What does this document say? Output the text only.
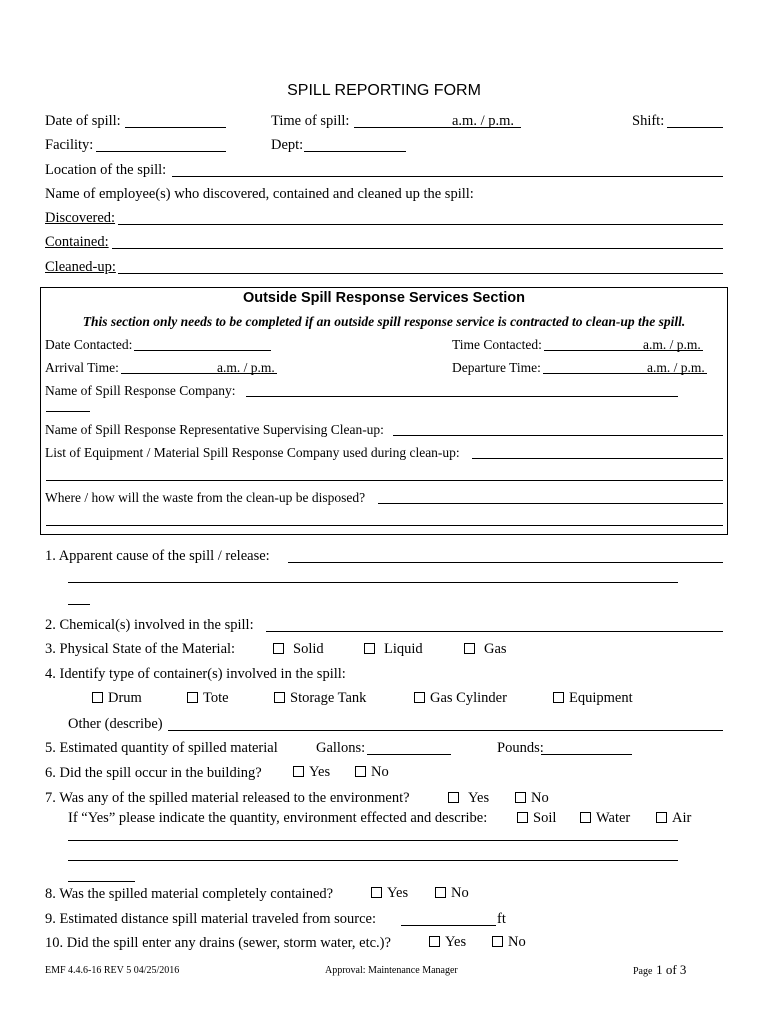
SPILL REPORTING FORM
Date of spill:	Time of spill:	a.m. / p.m.	Shift:
Facility:	Dept:
Location of the spill:
Name of employee(s) who discovered, contained and cleaned up the spill:
Discovered:
Contained:
Cleaned-up:
Outside Spill Response Services Section
This section only needs to be completed if an outside spill response service is contracted to clean-up the spill.
Date Contacted:	Time Contacted:	a.m. / p.m.
Arrival Time:	a.m. / p.m.	Departure Time:	a.m. / p.m.
Name of Spill Response Company:
Name of Spill Response Representative Supervising Clean-up:
List of Equipment / Material Spill Response Company used during clean-up:
Where / how will the waste from the clean-up be disposed?
1. Apparent cause of the spill / release:
2. Chemical(s) involved in the spill:
3. Physical State of the Material:	Solid	Liquid	Gas
4. Identify type of container(s) involved in the spill:
Drum	Tote	Storage Tank	Gas Cylinder	Equipment
Other (describe)
5. Estimated quantity of spilled material	Gallons:	Pounds:
6. Did the spill occur in the building?	Yes	No
7. Was any of the spilled material released to the environment?	Yes	No
If “Yes” please indicate the quantity, environment effected and describe:	Soil	Water	Air
8. Was the spilled material completely contained?	Yes	No
9. Estimated distance spill material traveled from source:	ft
10. Did the spill enter any drains (sewer, storm water, etc.)?	Yes	No
EMF 4.4.6-16 REV 5 04/25/2016	Approval: Maintenance Manager	Page 1 of 3
